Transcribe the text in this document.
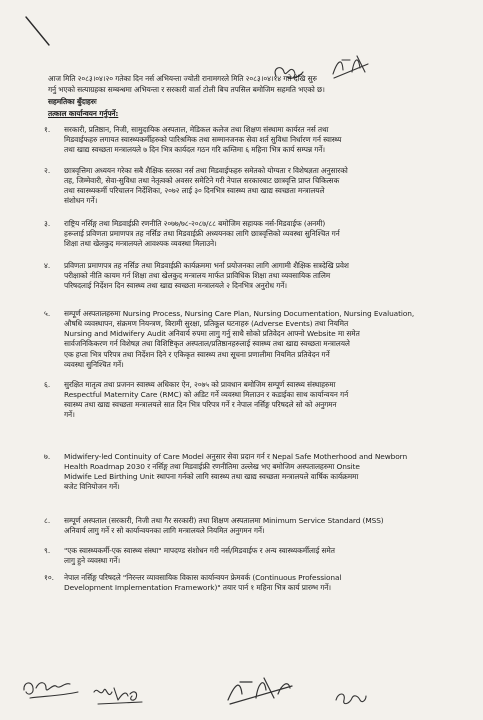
आज मिति २०८३।०४।२० गतेका दिन नर्स अभियन्ता ज्योती रानामगरले मिति २०८३।०४।१४ गते देखि सुरु
गर्नु भएको सत्याग्रहका सम्बन्धमा अभियन्ता र सरकारी वार्ता टोली बिच तपसिल बमोजिम सहमति भएको छ।
सहमतिका बुँदाहरुः
तत्काल कार्यान्वयन गर्नुपर्ने:
१. सरकारी, प्रतिष्ठान, निजी, सामुदायिक अस्पताल, मेडिकल कलेज तथा शिक्षण संस्थामा कार्यरत नर्स तथा
मिडवाईफहरु लगायत स्वास्थ्यकर्मीहरुको पारिश्रमिक तथा सम्मानजनक सेवा शर्त सुविधा निर्धारण गर्न स्वास्थ्य
तथा खाद्य स्वच्छता मन्त्रालयले ७ दिन भित्र कार्यदल गठन गरि कम्तिमा ६ महिना भित्र कार्य सम्पन्न गर्ने।
२. छात्रवृत्तिमा अध्ययन गरेका सबै शैक्षिक स्तरका नर्स तथा मिडवाईफहरु समेतको योग्यता र विशेषज्ञता अनुसारको
तह, जिम्मेवारी, सेवा-सुविधा तथा नेतृत्वको अवसर समेटिने गरी नेपाल सरकारबाट छात्रवृत्ति प्राप्त चिकित्सक
तथा स्वास्थ्यकर्मी परिचालन निर्देशिका, २०७२ लाई ३० दिनभित्र स्वास्थ्य तथा खाद्य स्वच्छता मन्त्रालयले
संशोधन गर्ने।
३. राष्ट्रिय नर्सिङ्ग तथा मिडवाईफ्री रणनीति २०७७/७८-२०८७/८८ बमोजिम सहायक नर्स-मिडवाईफ (अनमी)
हरूलाई प्रविणता प्रमाणपत्र तह नर्सिङ तथा मिडवाईफ्री अध्ययनका लागि छात्रवृत्तिको व्यवस्था सुनिश्चित गर्न
शिक्षा तथा खेलकुद मन्त्रालयले आवश्यक व्यवस्था मिलाउने।
४. प्रविणता प्रमाणपत्र तह नर्सिङ तथा मिडवाईफ्री कार्यक्रममा भर्ना प्रयोजनका लागि आगामी शैक्षिक सत्रदेखि प्रवेश
परीक्षाको नीति कायम गर्न शिक्षा तथा खेलकुद मन्त्रालय मार्फत प्राविधिक शिक्षा तथा व्यवसायिक तालिम
परिषदलाई निर्देशन दिन स्वास्थ्य तथा खाद्य स्वच्छता मन्त्रालयले २ दिनभित्र अनुरोध गर्ने।
५. सम्पूर्ण अस्पतालहरुमा Nursing Process, Nursing Care Plan, Nursing Documentation, Nursing Evaluation,
औषधि व्यवस्थापन, संक्रमण नियन्त्रण, बिरामी सुरक्षा, प्रतिकूल घटनाहरु (Adverse Events) तथा नियमित
Nursing and Midwifery Audit अनिवार्य रुपमा लागु गर्नु साथै सोको प्रतिवेदन आफ्नो Website मा समेत
सार्वजनिकिकरण गर्न विशेषज्ञ तथा विशिष्टिकृत अस्पताल/प्रतिष्ठानहरुलाई स्वास्थ्य तथा खाद्य स्वच्छता मन्त्रालयले
एक हप्ता भित्र परिपत्र तथा निर्देशन दिने र एकिकृत स्वास्थ्य तथा सूचना प्रणालीमा नियमित प्रतिवेदन गर्ने
व्यवस्था सुनिश्चित गर्ने।
६. सुरक्षित मातृत्व तथा प्रजनन स्वास्थ्य अधिकार ऐन, २०७५ को प्रावधान बमोजिम सम्पूर्ण स्वास्थ्य संस्थाहरुमा
Respectful Maternity Care (RMC) को अडिट गर्ने व्यवस्था मिलाउन र कडाईका साथ कार्यान्वयन गर्न
स्वास्थ्य तथा खाद्य स्वच्छता मन्त्रालयले सात दिन भित्र परिपत्र गर्ने र नेपाल नर्सिङ्ग परिषदले सो को अनुगमन
गर्ने।
७. Midwifery-led Continuity of Care Model अनुसार सेवा प्रदान गर्न र Nepal Safe Motherhood and Newborn
Health Roadmap 2030 र नर्सिङ्ग तथा मिडवाईफ्री रणनीतिमा उल्लेख भए बमोजिम अस्पतालहरुमा Onsite
Midwife Led Birthing Unit स्थापना गर्नको लागि स्वास्थ्य तथा खाद्य स्वच्छता मन्त्रालयले वार्षिक कार्यक्रममा
बजेट विनियोजन गर्ने।
८. सम्पूर्ण अस्पताल (सरकारी, निजी तथा गैर सरकारी) तथा शिक्षण अस्पतालमा Minimum Service Standard (MSS)
अनिवार्य लागु गर्ने र सो कार्यान्वयनका लागि मन्त्रालयले नियमित अनुगमन गर्ने।
९. "एक स्वास्थ्यकर्मी-एक स्वास्थ्य संस्था" मापदण्ड संशोधन गरी नर्स/मिडवाईफ र अन्य स्वास्थ्यकर्मीलाई समेत
लागु हुने व्यवस्था गर्ने।
१०. नेपाल नर्सिङ्ग परिषदले "निरन्तर व्यावसायिक विकास कार्यान्वयन फ्रेमवर्क (Continuous Professional
Development Implementation Framework)" तयार पार्न १ महिना भित्र कार्य प्रारम्भ गर्ने।
